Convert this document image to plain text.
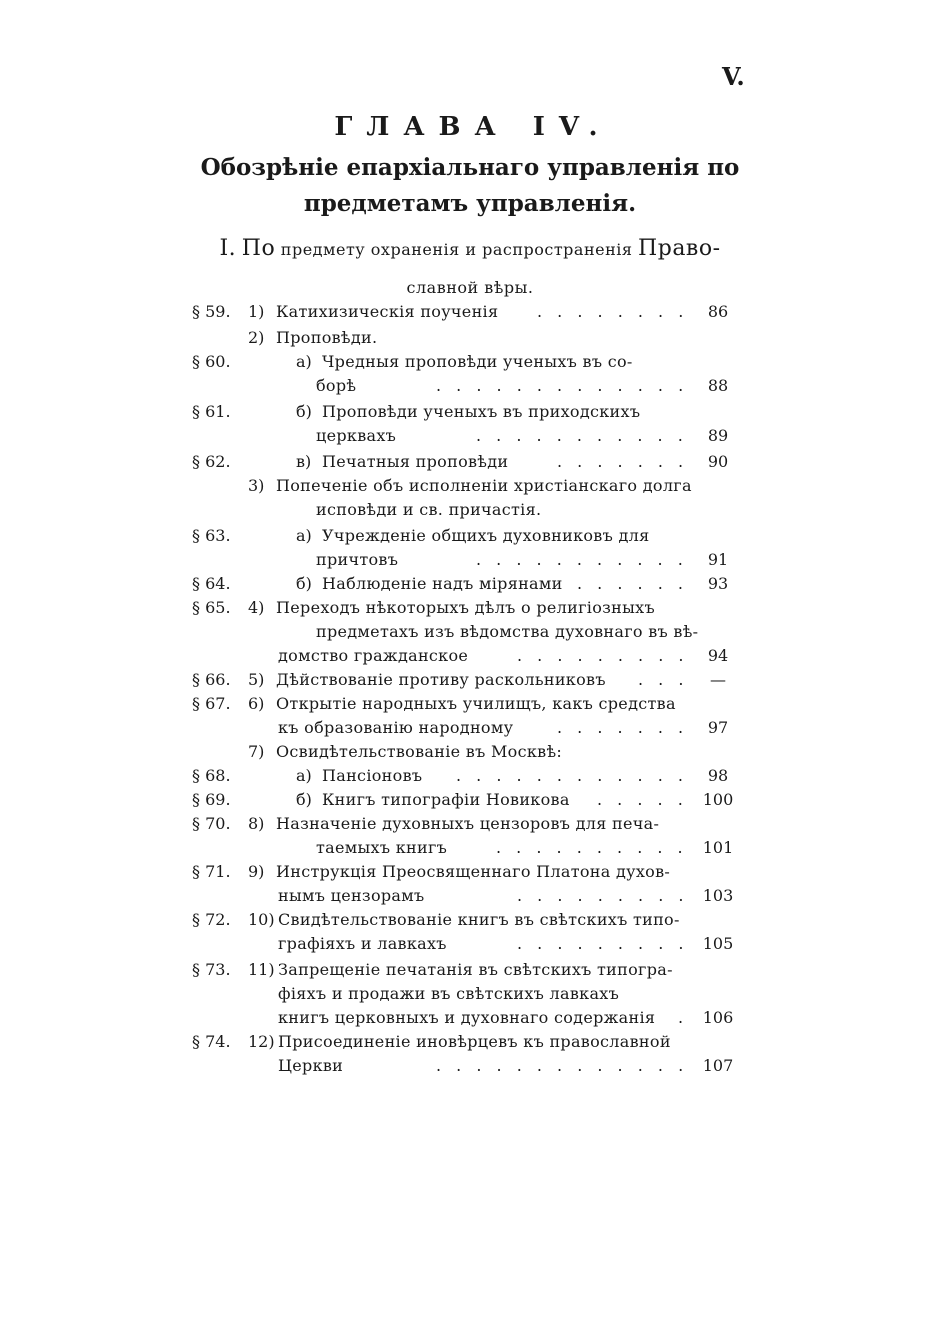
V.
ГЛАВА IV.
Обозрѣніе епархіальнаго управленія по
предметамъ управленія.
I. По предмету охраненія и распространенія Право-
славной вѣры.
§ 59. 1) Катихизическія поученія . . . . . . . .	86
2) Проповѣди.
§ 60.	а) Чредныя проповѣди ученыхъ въ со-
борѣ	. . . . . . . . . . . . .	88
§ 61.	б) Проповѣди ученыхъ въ приходскихъ
церквахъ	. . . . . . . . . . .	89
§ 62.	в) Печатныя проповѣди	. . . . . . .	90
3) Попеченіе объ исполненіи христіанскаго долга
исповѣди и св. причастія.
§ 63.	а) Учрежденіе общихъ духовниковъ для
причтовъ	. . . . . . . . . . .	91
§ 64.	б) Наблюденіе надъ мірянами . . . . . .	93
§ 65. 4) Переходъ нѣкоторыхъ дѣлъ о религіозныхъ
предметахъ изъ вѣдомства духовнаго въ вѣ-
домство гражданское	. . . . . . . . .	94
§ 66. 5) Дѣйствованіе противу раскольниковъ . . .	—
§ 67. 6) Открытіе народныхъ училищъ, какъ средства
къ образованію народному	. . . . . . .	97
7) Освидѣтельствованіе въ Москвѣ:
§ 68.	а) Пансіоновъ . . . . . . . . . . . .	98
§ 69.	б) Книгъ типографіи Новикова . . . . . 100
§ 70. 8) Назначеніе духовныхъ цензоровъ для печа-
таемыхъ книгъ	. . . . . . . . . . 101
§ 71. 9) Инструкція Преосвященнаго Платона духов-
нымъ цензорамъ	. . . . . . . . . 103
§ 72. 10) Свидѣтельствованіе книгъ въ свѣтскихъ типо-
графіяхъ и лавкахъ	. . . . . . . . . 105
§ 73. 11) Запрещеніе печатанія въ свѣтскихъ типогра-
фіяхъ и продажи въ свѣтскихъ лавкахъ
книгъ церковныхъ и духовнаго содержанія . 106
§ 74. 12) Присоединеніе иновѣрцевъ къ православной
Церкви	. . . . . . . . . . . . . 107
